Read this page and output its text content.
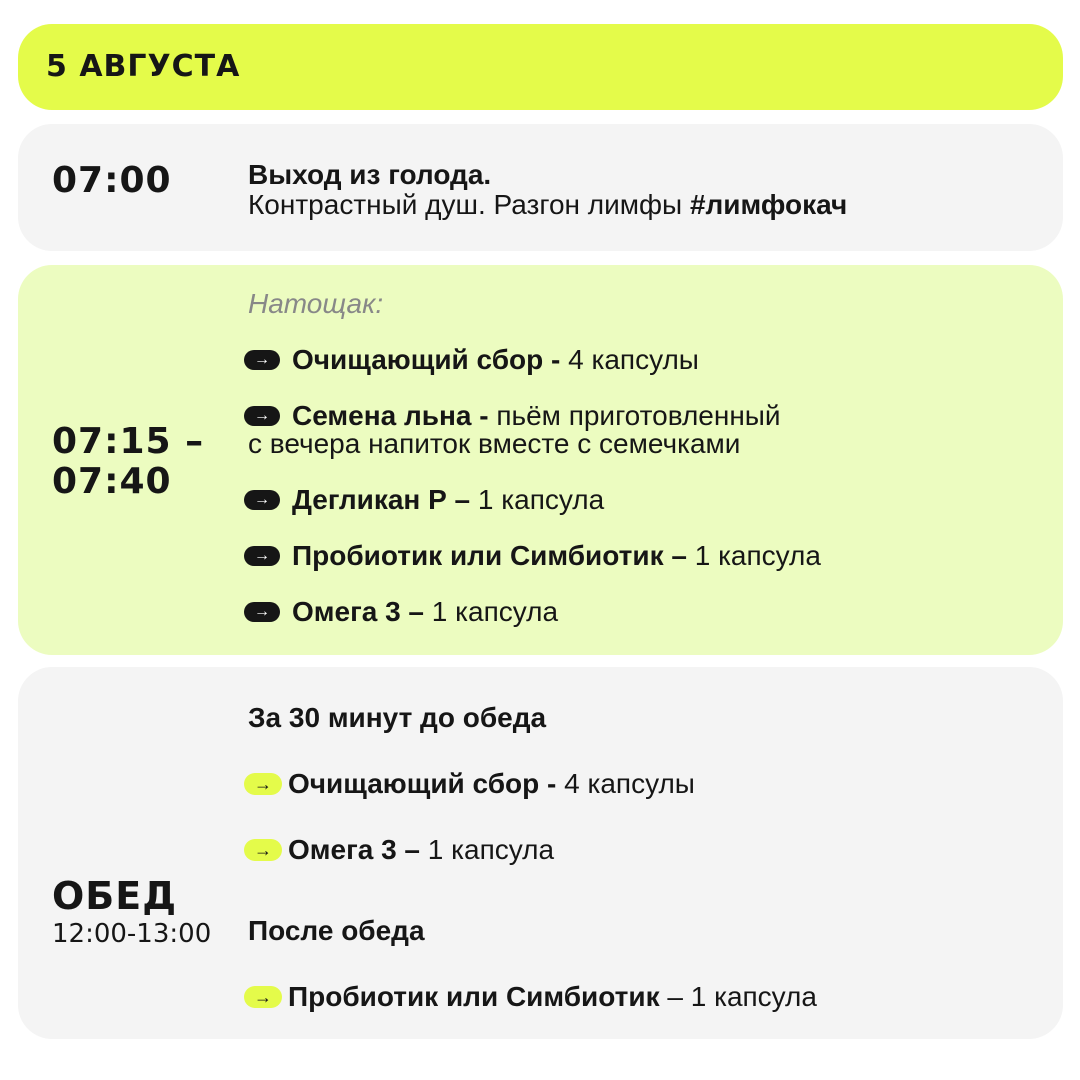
5 АВГУСТА
07:00	Выход из голода.
Контрастный душ. Разгон лимфы #лимфокач
07:15 –
07:40
Натощак:
→ Очищающий сбор - 4 капсулы
→ Семена льна - пьём приготовленный
с вечера напиток вместе с семечками
→ Дегликан Р – 1 капсула
→ Пробиотик или Симбиотик – 1 капсула
→ Омега 3 – 1 капсула
ОБЕД
12:00-13:00
За 30 минут до обеда
→ Очищающий сбор - 4 капсулы
→ Омега 3 – 1 капсула
После обеда
→ Пробиотик или Симбиотик – 1 капсула
